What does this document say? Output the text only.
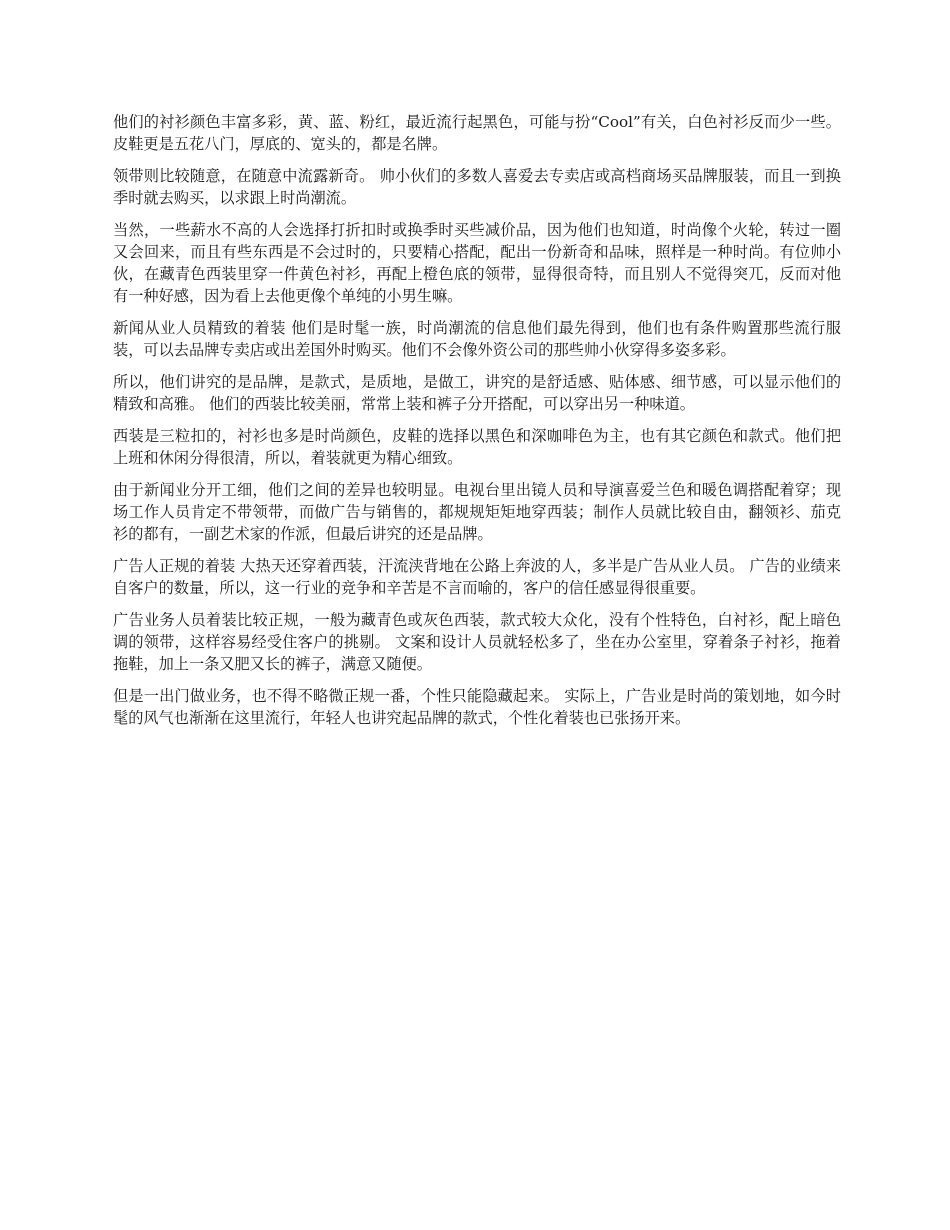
他们的衬衫颜色丰富多彩，黄、蓝、粉红，最近流行起黑色，可能与扮“Cool”有关，白色衬衫反而少一些。皮鞋更是五花八门，厚底的、宽头的，都是名牌。

领带则比较随意，在随意中流露新奇。 帅小伙们的多数人喜爱去专卖店或高档商场买品牌服装，而且一到换季时就去购买，以求跟上时尚潮流。

当然，一些薪水不高的人会选择打折扣时或换季时买些减价品，因为他们也知道，时尚像个火轮，转过一圈又会回来，而且有些东西是不会过时的，只要精心搭配，配出一份新奇和品味，照样是一种时尚。有位帅小伙，在藏青色西装里穿一件黄色衬衫，再配上橙色底的领带，显得很奇特，而且别人不觉得突兀，反而对他有一种好感，因为看上去他更像个单纯的小男生嘛。

新闻从业人员精致的着装 他们是时髦一族，时尚潮流的信息他们最先得到，他们也有条件购置那些流行服装，可以去品牌专卖店或出差国外时购买。他们不会像外资公司的那些帅小伙穿得多姿多彩。

所以，他们讲究的是品牌，是款式，是质地，是做工，讲究的是舒适感、贴体感、细节感，可以显示他们的精致和高雅。 他们的西装比较美丽，常常上装和裤子分开搭配，可以穿出另一种味道。

西装是三粒扣的，衬衫也多是时尚颜色，皮鞋的选择以黑色和深咖啡色为主，也有其它颜色和款式。他们把上班和休闲分得很清，所以，着装就更为精心细致。

由于新闻业分开工细，他们之间的差异也较明显。电视台里出镜人员和导演喜爱兰色和暖色调搭配着穿；现场工作人员肯定不带领带，而做广告与销售的，都规规矩矩地穿西装；制作人员就比较自由，翻领衫、茄克衫的都有，一副艺术家的作派，但最后讲究的还是品牌。

广告人正规的着装 大热天还穿着西装，汗流浃背地在公路上奔波的人，多半是广告从业人员。 广告的业绩来自客户的数量，所以，这一行业的竞争和辛苦是不言而喻的，客户的信任感显得很重要。

广告业务人员着装比较正规，一般为藏青色或灰色西装，款式较大众化，没有个性特色，白衬衫，配上暗色调的领带，这样容易经受住客户的挑剔。 文案和设计人员就轻松多了，坐在办公室里，穿着条子衬衫，拖着拖鞋，加上一条又肥又长的裤子，满意又随便。

但是一出门做业务，也不得不略微正规一番，个性只能隐藏起来。 实际上，广告业是时尚的策划地，如今时髦的风气也渐渐在这里流行，年轻人也讲究起品牌的款式，个性化着装也已张扬开来。
